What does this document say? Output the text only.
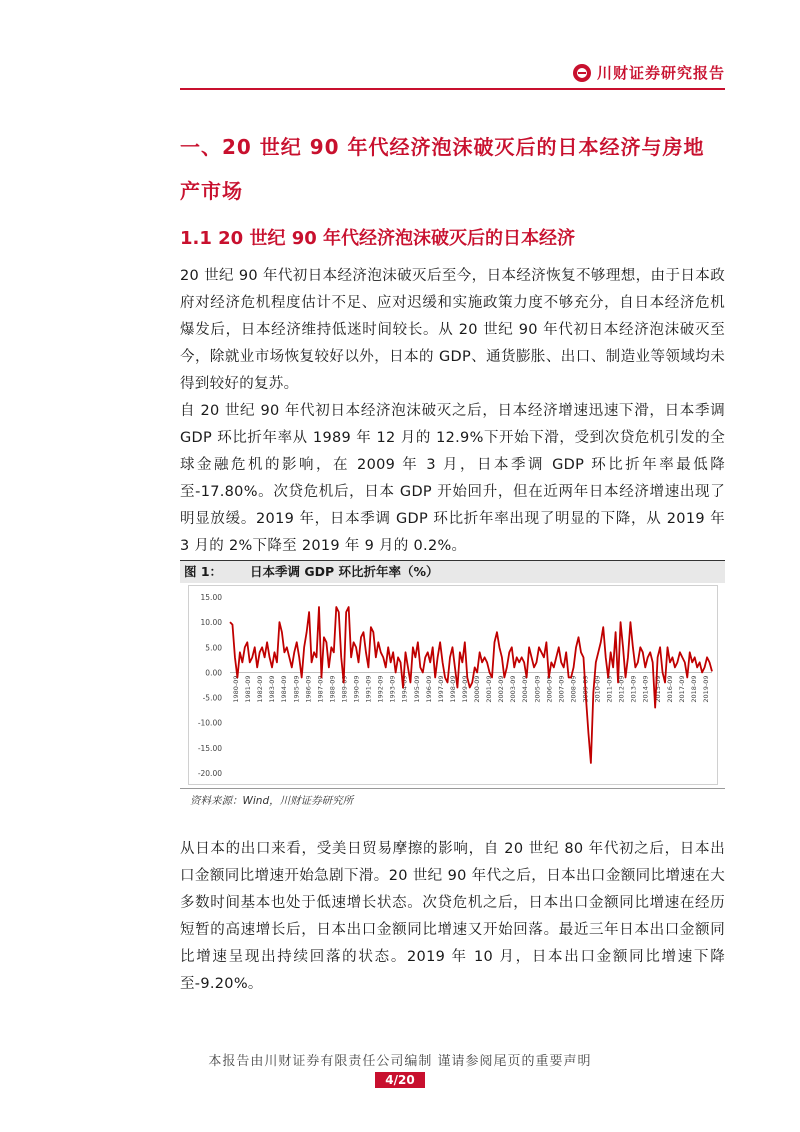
川财证券研究报告
一、20 世纪 90 年代经济泡沫破灭后的日本经济与房地产市场
1.1 20 世纪 90 年代经济泡沫破灭后的日本经济

20 世纪 90 年代初日本经济泡沫破灭后至今，日本经济恢复不够理想，由于日本政府对经济危机程度估计不足、应对迟缓和实施政策力度不够充分，自日本经济危机爆发后，日本经济维持低迷时间较长。从 20 世纪 90 年代初日本经济泡沫破灭至今，除就业市场恢复较好以外，日本的 GDP、通货膨胀、出口、制造业等领域均未得到较好的复苏。

自 20 世纪 90 年代初日本经济泡沫破灭之后，日本经济增速迅速下滑，日本季调 GDP 环比折年率从 1989 年 12 月的 12.9%下开始下滑，受到次贷危机引发的全球金融危机的影响，在 2009 年 3 月，日本季调 GDP 环比折年率最低降至-17.80%。次贷危机后，日本 GDP 开始回升，但在近两年日本经济增速出现了明显放缓。2019 年，日本季调 GDP 环比折年率出现了明显的下降，从 2019 年 3 月的 2%下降至 2019 年 9 月的 0.2%。

图 1： 日本季调 GDP 环比折年率（%）
15.00
10.00
5.00
0.00
-5.00
-10.00
-15.00
-20.00
1980-09 1981-09 1982-09 1983-09 1984-09 1985-09 1986-09 1987-09 1988-09 1989-09 1990-09 1991-09 1992-09 1993-09 1994-09 1995-09 1996-09 1997-09 1998-09 1999-09 2000-09 2001-09 2002-09 2003-09 2004-09 2005-09 2006-09 2007-09 2008-09 2009-09 2010-09 2011-09 2012-09 2013-09 2014-09 2015-09 2016-09 2017-09 2018-09 2019-09
资料来源：Wind，川财证券研究所

从日本的出口来看，受美日贸易摩擦的影响，自 20 世纪 80 年代初之后，日本出口金额同比增速开始急剧下滑。20 世纪 90 年代之后，日本出口金额同比增速在大多数时间基本也处于低速增长状态。次贷危机之后，日本出口金额同比增速在经历短暂的高速增长后，日本出口金额同比增速又开始回落。最近三年日本出口金额同比增速呈现出持续回落的状态。2019 年 10 月，日本出口金额同比增速下降至-9.20%。

本报告由川财证券有限责任公司编制 谨请参阅尾页的重要声明
4/20
